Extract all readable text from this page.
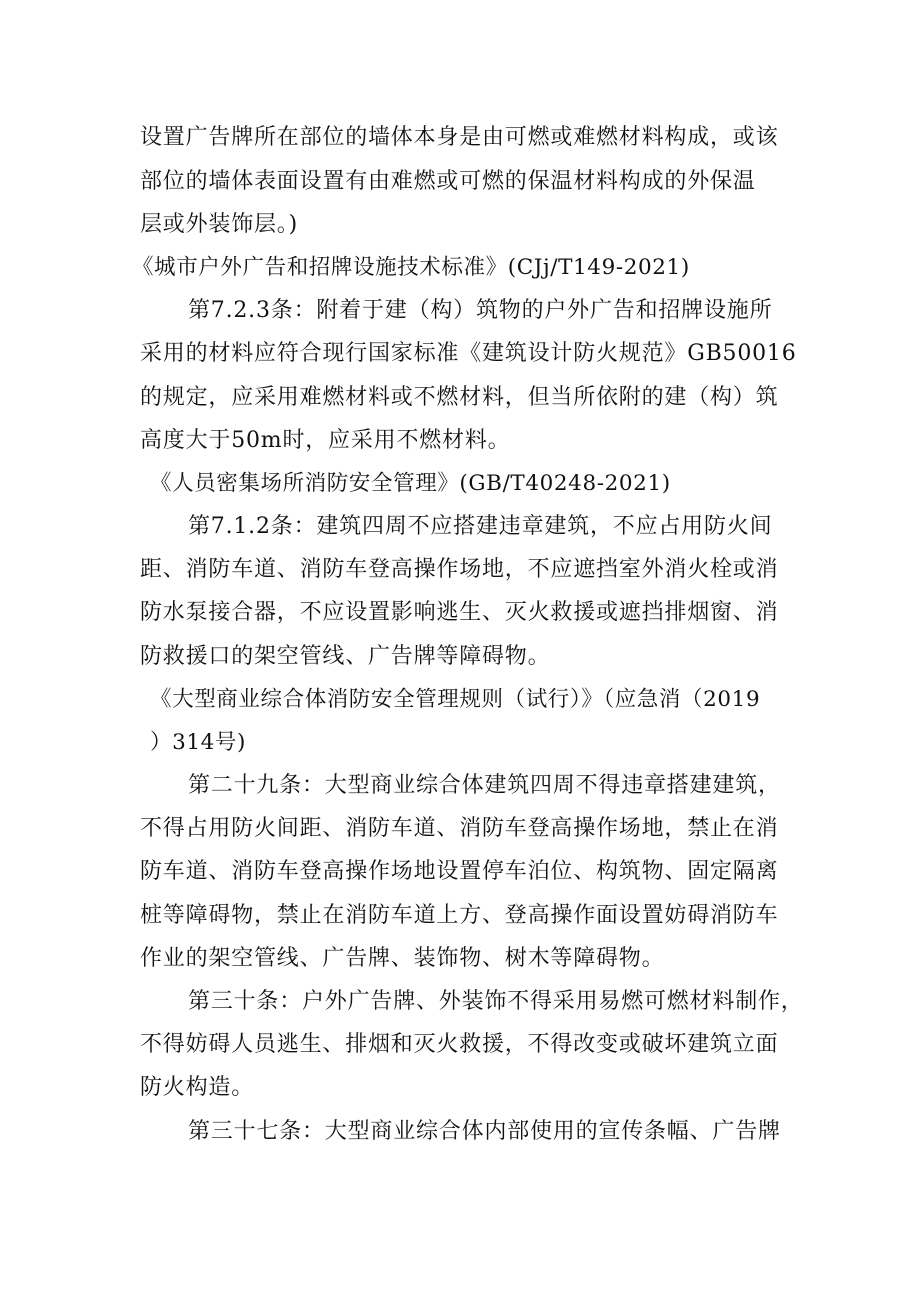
设置广告牌所在部位的墙体本身是由可燃或难燃材料构成，或该
部位的墙体表面设置有由难燃或可燃的保温材料构成的外保温
层或外装饰层。)
《城市户外广告和招牌设施技术标准》(CJj/T149-2021)
第7.2.3条：附着于建（构）筑物的户外广告和招牌设施所
采用的材料应符合现行国家标准《建筑设计防火规范》GB50016
的规定，应采用难燃材料或不燃材料，但当所依附的建（构）筑
高度大于50m时，应采用不燃材料。
《人员密集场所消防安全管理》(GB/T40248-2021)
第7.1.2条：建筑四周不应搭建违章建筑，不应占用防火间
距、消防车道、消防车登高操作场地，不应遮挡室外消火栓或消
防水泵接合器，不应设置影响逃生、灭火救援或遮挡排烟窗、消
防救援口的架空管线、广告牌等障碍物。
《大型商业综合体消防安全管理规则（试行）》（应急消（2019
）314号)
第二十九条：大型商业综合体建筑四周不得违章搭建建筑，
不得占用防火间距、消防车道、消防车登高操作场地，禁止在消
防车道、消防车登高操作场地设置停车泊位、构筑物、固定隔离
桩等障碍物，禁止在消防车道上方、登高操作面设置妨碍消防车
作业的架空管线、广告牌、装饰物、树木等障碍物。
第三十条：户外广告牌、外装饰不得采用易燃可燃材料制作，
不得妨碍人员逃生、排烟和灭火救援，不得改变或破坏建筑立面
防火构造。
第三十七条：大型商业综合体内部使用的宣传条幅、广告牌
